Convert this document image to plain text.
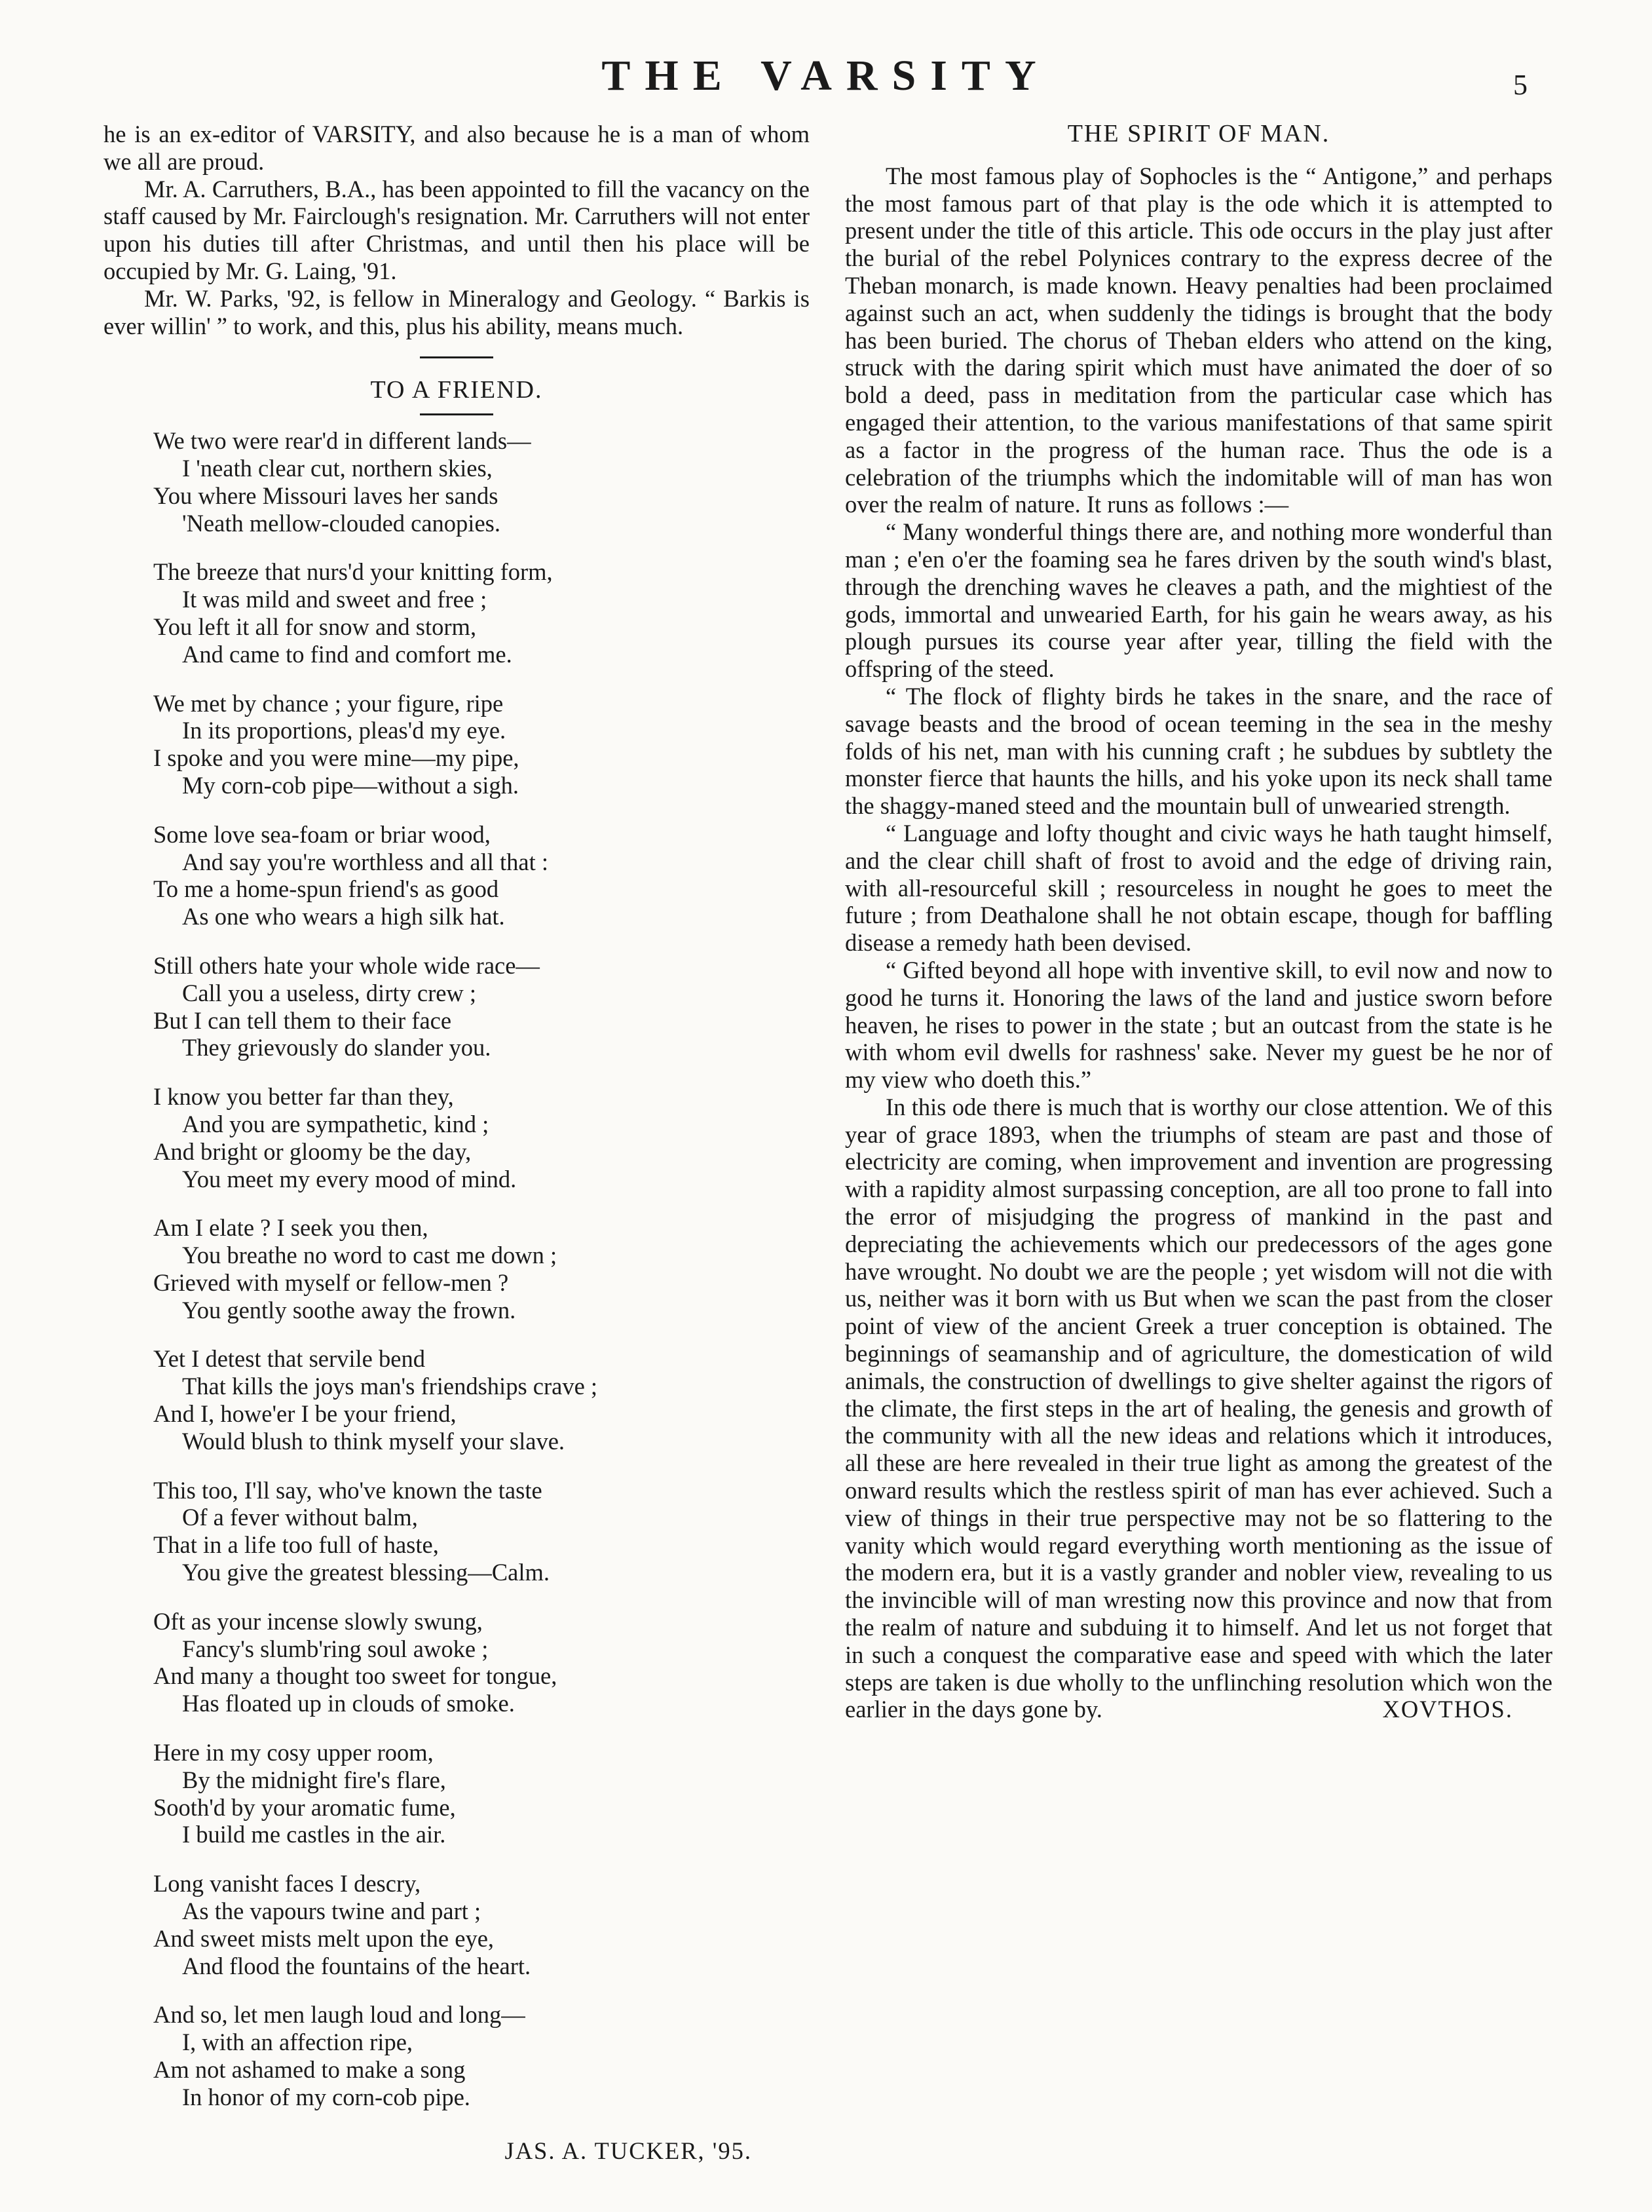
THE VARSITY	5

he is an ex-editor of VARSITY, and also because he is a man of whom we all are proud.

Mr. A. Carruthers, B.A., has been appointed to fill the vacancy on the staff caused by Mr. Fairclough's resignation. Mr. Carruthers will not enter upon his duties till after Christmas, and until then his place will be occupied by Mr. G. Laing, '91.

Mr. W. Parks, '92, is fellow in Mineralogy and Geology. “ Barkis is ever willin' ” to work, and this, plus his ability, means much.

TO A FRIEND.
We two were rear'd in different lands—
I 'neath clear cut, northern skies,
You where Missouri laves her sands
'Neath mellow-clouded canopies.
The breeze that nurs'd your knitting form,
It was mild and sweet and free ;
You left it all for snow and storm,
And came to find and comfort me.
We met by chance ; your figure, ripe
In its proportions, pleas'd my eye.
I spoke and you were mine—my pipe,
My corn-cob pipe—without a sigh.
Some love sea-foam or briar wood,
And say you're worthless and all that :
To me a home-spun friend's as good
As one who wears a high silk hat.
Still others hate your whole wide race—
Call you a useless, dirty crew ;
But I can tell them to their face
They grievously do slander you.
I know you better far than they,
And you are sympathetic, kind ;
And bright or gloomy be the day,
You meet my every mood of mind.
Am I elate ? I seek you then,
You breathe no word to cast me down ;
Grieved with myself or fellow-men ?
You gently soothe away the frown.
Yet I detest that servile bend
That kills the joys man's friendships crave ;
And I, howe'er I be your friend,
Would blush to think myself your slave.
This too, I'll say, who've known the taste
Of a fever without balm,
That in a life too full of haste,
You give the greatest blessing—Calm.
Oft as your incense slowly swung,
Fancy's slumb'ring soul awoke ;
And many a thought too sweet for tongue,
Has floated up in clouds of smoke.
Here in my cosy upper room,
By the midnight fire's flare,
Sooth'd by your aromatic fume,
I build me castles in the air.
Long vanisht faces I descry,
As the vapours twine and part ;
And sweet mists melt upon the eye,
And flood the fountains of the heart.
And so, let men laugh loud and long—
I, with an affection ripe,
Am not ashamed to make a song
In honor of my corn-cob pipe.
JAS. A. TUCKER, '95.
THE SPIRIT OF MAN.

The most famous play of Sophocles is the “ Antigone,” and perhaps the most famous part of that play is the ode which it is attempted to present under the title of this article. This ode occurs in the play just after the burial of the rebel Polynices contrary to the express decree of the Theban monarch, is made known. Heavy penalties had been proclaimed against such an act, when suddenly the tidings is brought that the body has been buried. The chorus of Theban elders who attend on the king, struck with the daring spirit which must have animated the doer of so bold a deed, pass in meditation from the particular case which has engaged their attention, to the various manifestations of that same spirit as a factor in the progress of the human race. Thus the ode is a celebration of the triumphs which the indomitable will of man has won over the realm of nature. It runs as follows :—

“ Many wonderful things there are, and nothing more wonderful than man ; e'en o'er the foaming sea he fares driven by the south wind's blast, through the drenching waves he cleaves a path, and the mightiest of the gods, immortal and unwearied Earth, for his gain he wears away, as his plough pursues its course year after year, tilling the field with the offspring of the steed.

“ The flock of flighty birds he takes in the snare, and the race of savage beasts and the brood of ocean teeming in the sea in the meshy folds of his net, man with his cunning craft ; he subdues by subtlety the monster fierce that haunts the hills, and his yoke upon its neck shall tame the shaggy-maned steed and the mountain bull of unwearied strength.

“ Language and lofty thought and civic ways he hath taught himself, and the clear chill shaft of frost to avoid and the edge of driving rain, with all-resourceful skill ; resourceless in nought he goes to meet the future ; from Deathalone shall he not obtain escape, though for baffling disease a remedy hath been devised.

“ Gifted beyond all hope with inventive skill, to evil now and now to good he turns it. Honoring the laws of the land and justice sworn before heaven, he rises to power in the state ; but an outcast from the state is he with whom evil dwells for rashness' sake. Never my guest be he nor of my view who doeth this.”

In this ode there is much that is worthy our close attention. We of this year of grace 1893, when the triumphs of steam are past and those of electricity are coming, when improvement and invention are progressing with a rapidity almost surpassing conception, are all too prone to fall into the error of misjudging the progress of mankind in the past and depreciating the achievements which our predecessors of the ages gone have wrought. No doubt we are the people ; yet wisdom will not die with us, neither was it born with us But when we scan the past from the closer point of view of the ancient Greek a truer conception is obtained. The beginnings of seamanship and of agriculture, the domestication of wild animals, the construction of dwellings to give shelter against the rigors of the climate, the first steps in the art of healing, the genesis and growth of the community with all the new ideas and relations which it introduces, all these are here revealed in their true light as among the greatest of the onward results which the restless spirit of man has ever achieved. Such a view of things in their true perspective may not be so flattering to the vanity which would regard everything worth mentioning as the issue of the modern era, but it is a vastly grander and nobler view, revealing to us the invincible will of man wresting now this province and now that from the realm of nature and subduing it to himself. And let us not forget that in such a conquest the comparative ease and speed with which the later steps are taken is due wholly to the unflinching resolution which won the earlier in the days gone by.	XOVTHOS.
